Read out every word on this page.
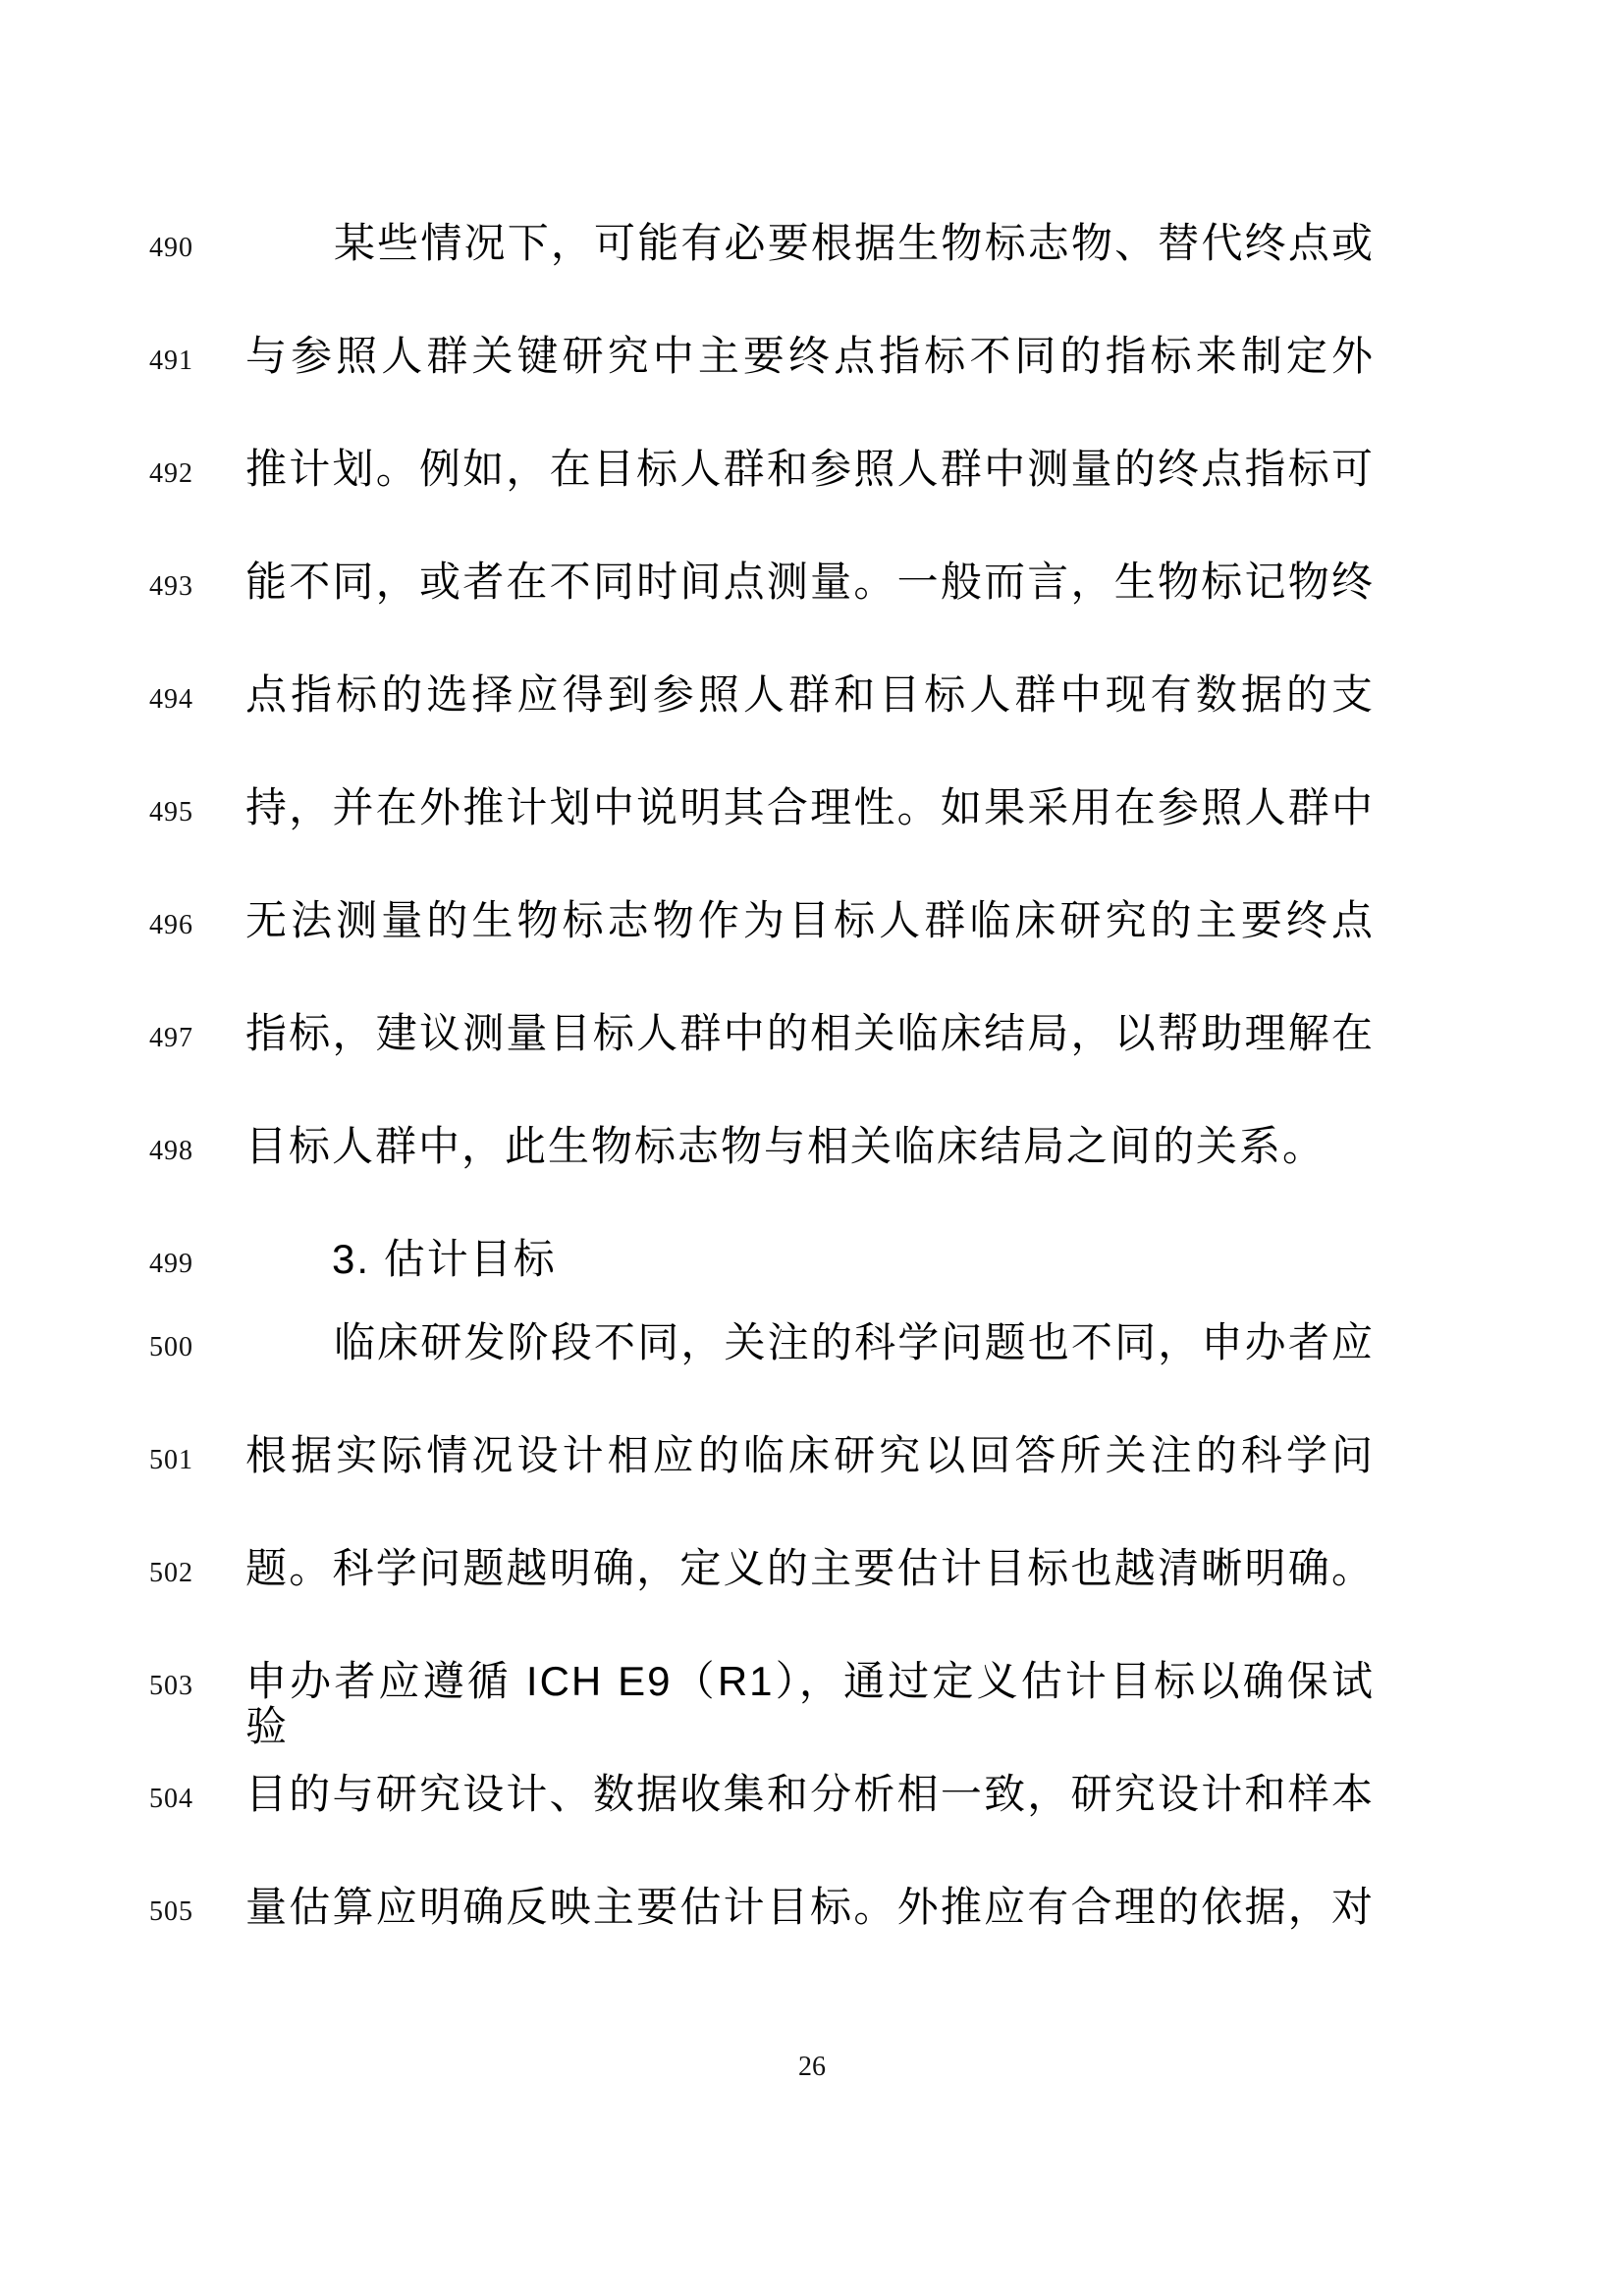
490	某些情况下，可能有必要根据生物标志物、替代终点或
491 与参照人群关键研究中主要终点指标不同的指标来制定外
492 推计划。例如，在目标人群和参照人群中测量的终点指标可
493 能不同，或者在不同时间点测量。一般而言，生物标记物终
494 点指标的选择应得到参照人群和目标人群中现有数据的支
495 持，并在外推计划中说明其合理性。如果采用在参照人群中
496 无法测量的生物标志物作为目标人群临床研究的主要终点
497 指标，建议测量目标人群中的相关临床结局，以帮助理解在
498 目标人群中，此生物标志物与相关临床结局之间的关系。
499	3. 估计目标
500	临床研发阶段不同，关注的科学问题也不同，申办者应
501 根据实际情况设计相应的临床研究以回答所关注的科学问
502 题。科学问题越明确，定义的主要估计目标也越清晰明确。
503 申办者应遵循 ICH E9（R1），通过定义估计目标以确保试验
504 目的与研究设计、数据收集和分析相一致，研究设计和样本
505 量估算应明确反映主要估计目标。外推应有合理的依据，对
26
